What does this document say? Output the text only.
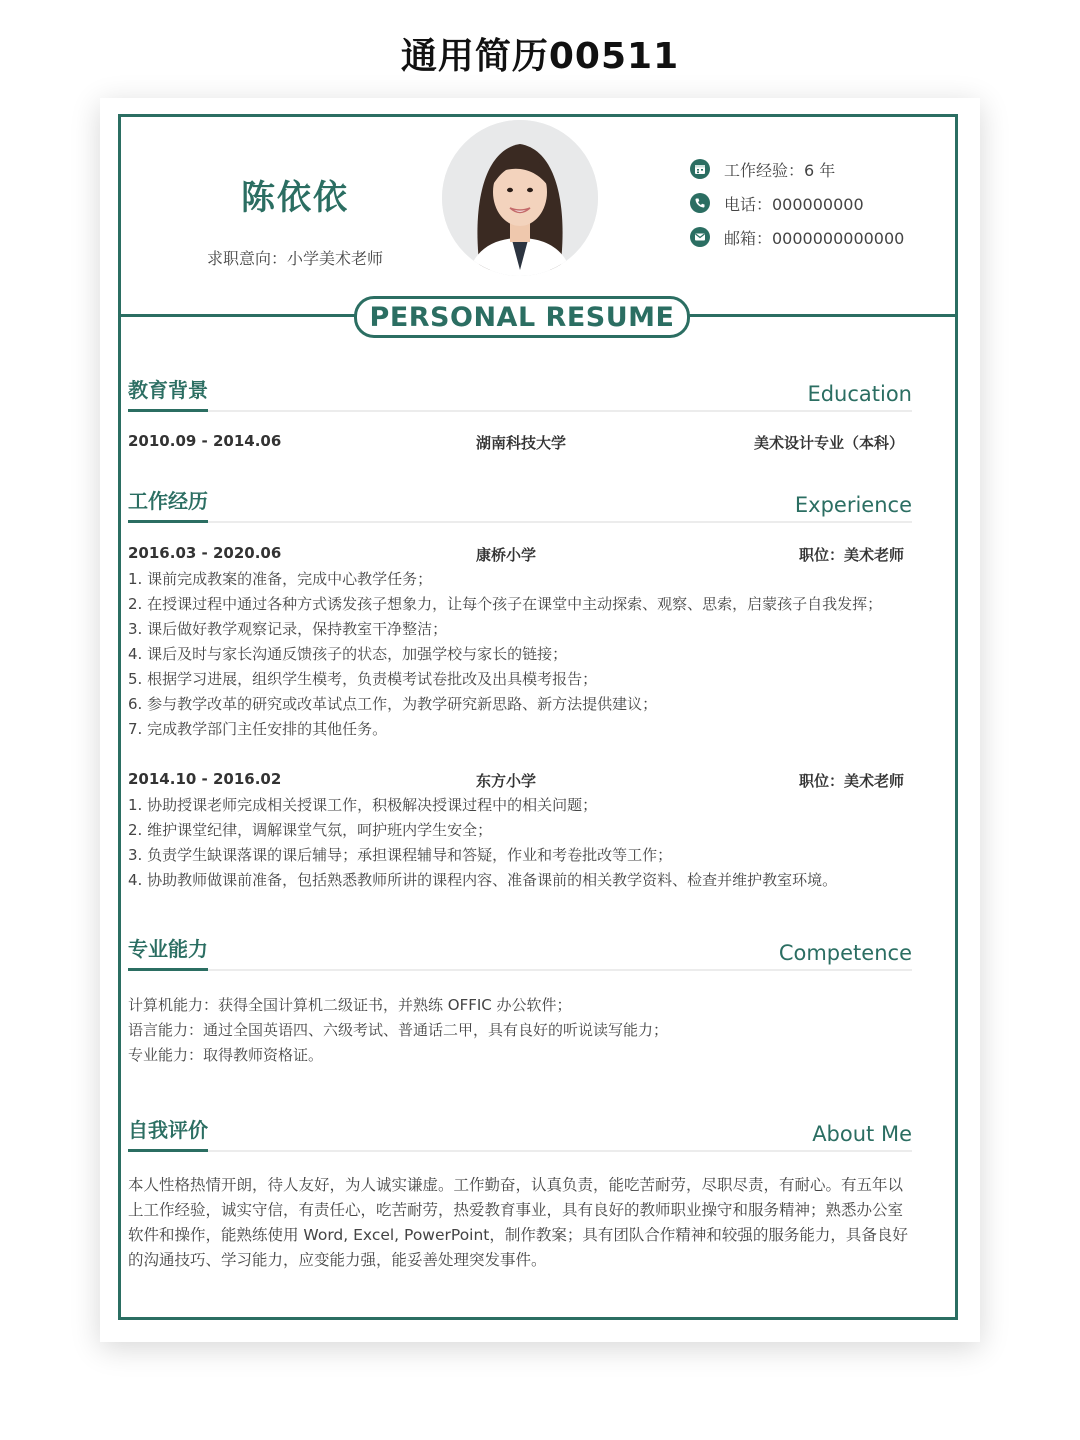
通用简历00511
陈依依
求职意向：小学美术老师
工作经验：6 年
电话：000000000
邮箱：0000000000000
PERSONAL RESUME
教育背景	Education
2010.09 - 2014.06	湖南科技大学	美术设计专业（本科）
工作经历	Experience
2016.03 - 2020.06	康桥小学	职位：美术老师
1. 课前完成教案的准备，完成中心教学任务；
2. 在授课过程中通过各种方式诱发孩子想象力，让每个孩子在课堂中主动探索、观察、思索，启蒙孩子自我发挥；
3. 课后做好教学观察记录，保持教室干净整洁；
4. 课后及时与家长沟通反馈孩子的状态，加强学校与家长的链接；
5. 根据学习进展，组织学生模考，负责模考试卷批改及出具模考报告；
6. 参与教学改革的研究或改革试点工作，为教学研究新思路、新方法提供建议；
7. 完成教学部门主任安排的其他任务。
2014.10 - 2016.02	东方小学	职位：美术老师
1. 协助授课老师完成相关授课工作，积极解决授课过程中的相关问题；
2. 维护课堂纪律，调解课堂气氛，呵护班内学生安全；
3. 负责学生缺课落课的课后辅导；承担课程辅导和答疑，作业和考卷批改等工作；
4. 协助教师做课前准备，包括熟悉教师所讲的课程内容、准备课前的相关教学资料、检查并维护教室环境。
专业能力	Competence
计算机能力：获得全国计算机二级证书，并熟练 OFFIC 办公软件；
语言能力：通过全国英语四、六级考试、普通话二甲，具有良好的听说读写能力；
专业能力：取得教师资格证。
自我评价	About Me
本人性格热情开朗，待人友好，为人诚实谦虚。工作勤奋，认真负责，能吃苦耐劳，尽职尽责，有耐心。有五年以上工作经验，诚实守信，有责任心，吃苦耐劳，热爱教育事业，具有良好的教师职业操守和服务精神；熟悉办公室软件和操作，能熟练使用 Word, Excel, PowerPoint，制作教案；具有团队合作精神和较强的服务能力，具备良好的沟通技巧、学习能力，应变能力强，能妥善处理突发事件。
